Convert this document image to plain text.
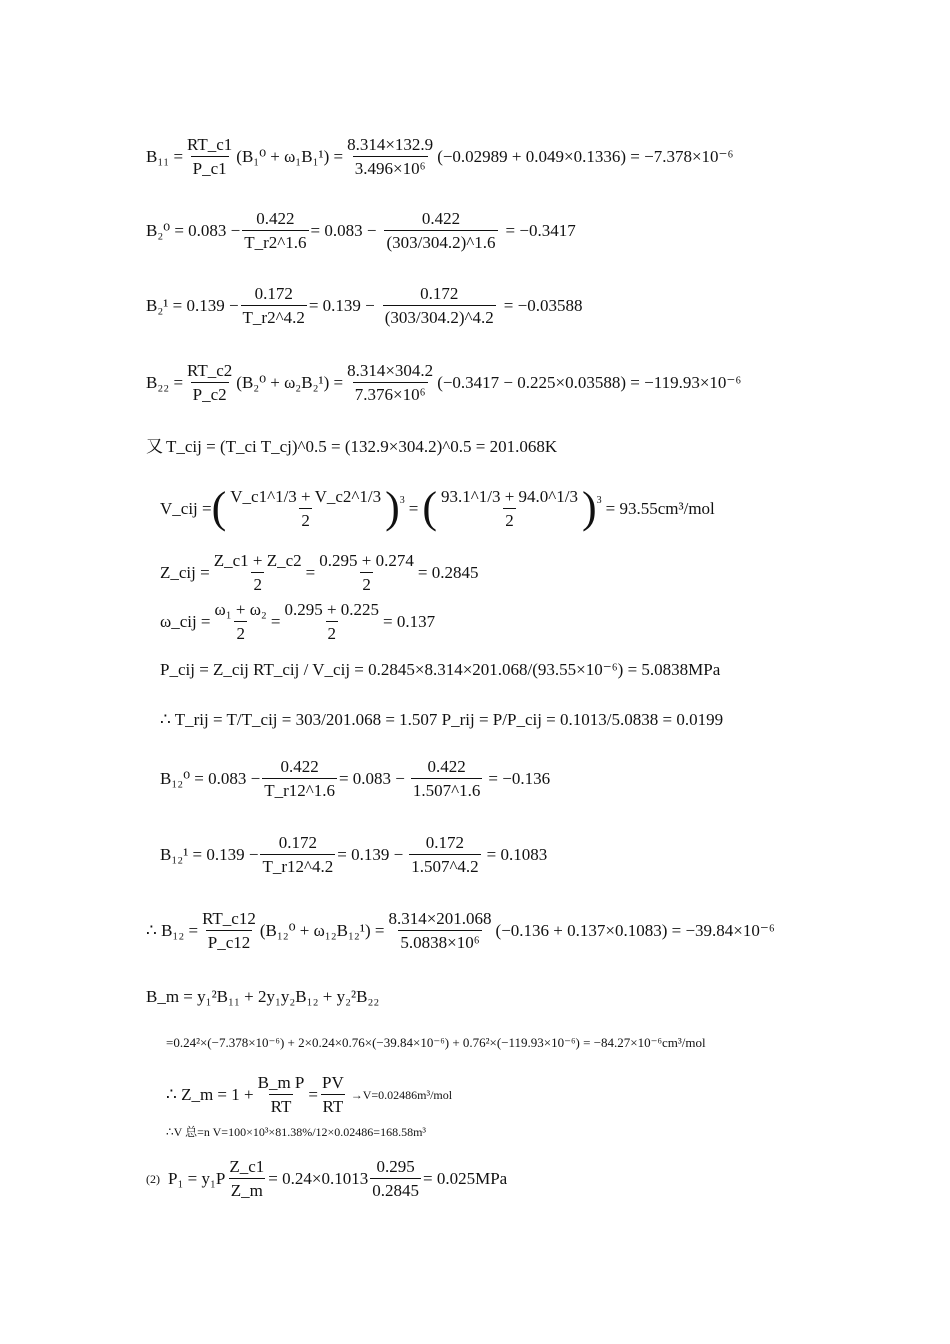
$B_{11} = \frac{RT\_c1}{P\_c1} (B_1^0 + \omega_1B_1^1) = \frac{8.314\times 132.9}{\text{3.496×10⁶}} (-0.02989 + 0.049\times 0.1336) = -7.378\times 10^{-6}$
$B_2^0 = 0.083 - \frac{0.422}{T\_r2\^{}1.6} = 0.083 - \frac{0.422}{(303/304.2)\^{}1.6} = -0.3417$
$B_2^1 = 0.139 - \frac{0.172}{T\_r2\^{}4.2} = 0.139 - \frac{0.172}{(303/304.2)\^{}4.2} = -0.03588$
$B_{22} = \frac{RT\_c2}{P\_c2} (B_2^0 + \omega_2B_2^1) = \frac{8.314\times 304.2}{\text{7.376×10⁶}} (-0.3417 - 0.225\times 0.03588) = -119.93\times 10^{-6}$
又 T_cij = (T_ci T_cj)^0.5 = (132.9×304.2)^0.5 = 201.068K
V_cij = ( V_c1^1/3 + V_c2^1/3
2 ) 3 = ( 93.1^1/3 + 94.0^1/3
2 ) 3 = 93.55cm³/mol
Z_cij = $\frac{Z\_c1 + Z\_c2}{2} = \frac{0.295 + 0.274}{2} = 0.2845$
ω_cij = $\frac{\text{ω₁ + ω₂}}{2} = \frac{0.295 + 0.225}{2} = 0.137$
P_cij = Z_cij RT_cij / V_cij = 0.2845×8.314×201.068/(93.55×10⁻⁶) = 5.0838MPa
∴ T_rij = T/T_cij = 303/201.068 = 1.507 P_rij = P/P_cij = 0.1013/5.0838 = 0.0199
$B_{12}^0 = 0.083 - \frac{0.422}{T\_r12\^{}1.6} = 0.083 - \frac{0.422}{1.507\^{}1.6} = -0.136$
$B_{12}^1 = 0.139 - \frac{0.172}{T\_r12\^{}4.2} = 0.139 - \frac{0.172}{1.507\^{}4.2} = 0.1083$
∴ $B_{12} = \frac{RT\_c12}{P\_c12} (B_{12}^0 + \omega_{12}B_{12}^1) = \frac{8.314\times 201.068}{\text{5.0838×10⁶}} (-0.136 + 0.137\times 0.1083) = -39.84\times 10^{-6}$
B_m = y₁²B₁₁ + 2y₁y₂B₁₂ + y₂²B₂₂
=0.24²×(−7.378×10⁻⁶) + 2×0.24×0.76×(−39.84×10⁻⁶) + 0.76²×(−119.93×10⁻⁶) = −84.27×10⁻⁶cm³/mol
∴ Z_m = $1 + \frac{\text{B\_m P}}{RT} = \frac{PV}{RT} \to V=0.02486m^3/mol$
∴V 总=n V=100×10³×81.38%/12×0.02486=168.58m³
(2) $P_1 = y_1P \frac{Z\_c1}{Z\_m} = 0.24\times 0.1013 \frac{0.295}{0.2845} = 0.025MPa$
